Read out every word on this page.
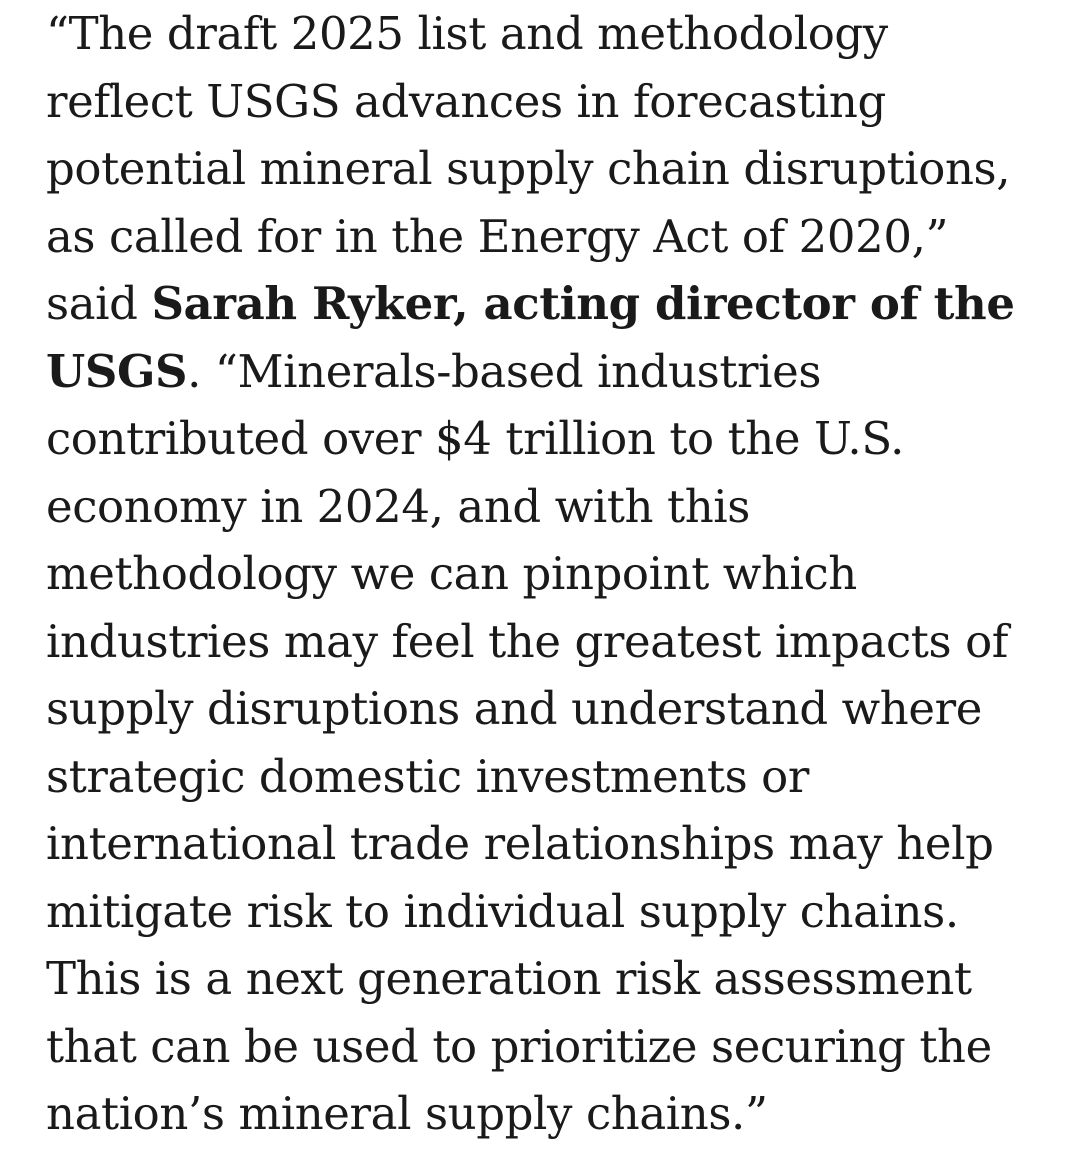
“The draft 2025 list and methodology
reflect USGS advances in forecasting
potential mineral supply chain disruptions,
as called for in the Energy Act of 2020,”
said Sarah Ryker, acting director of the
USGS. “Minerals-based industries
contributed over $4 trillion to the U.S.
economy in 2024, and with this
methodology we can pinpoint which
industries may feel the greatest impacts of
supply disruptions and understand where
strategic domestic investments or
international trade relationships may help
mitigate risk to individual supply chains.
This is a next generation risk assessment
that can be used to prioritize securing the
nation’s mineral supply chains.”
